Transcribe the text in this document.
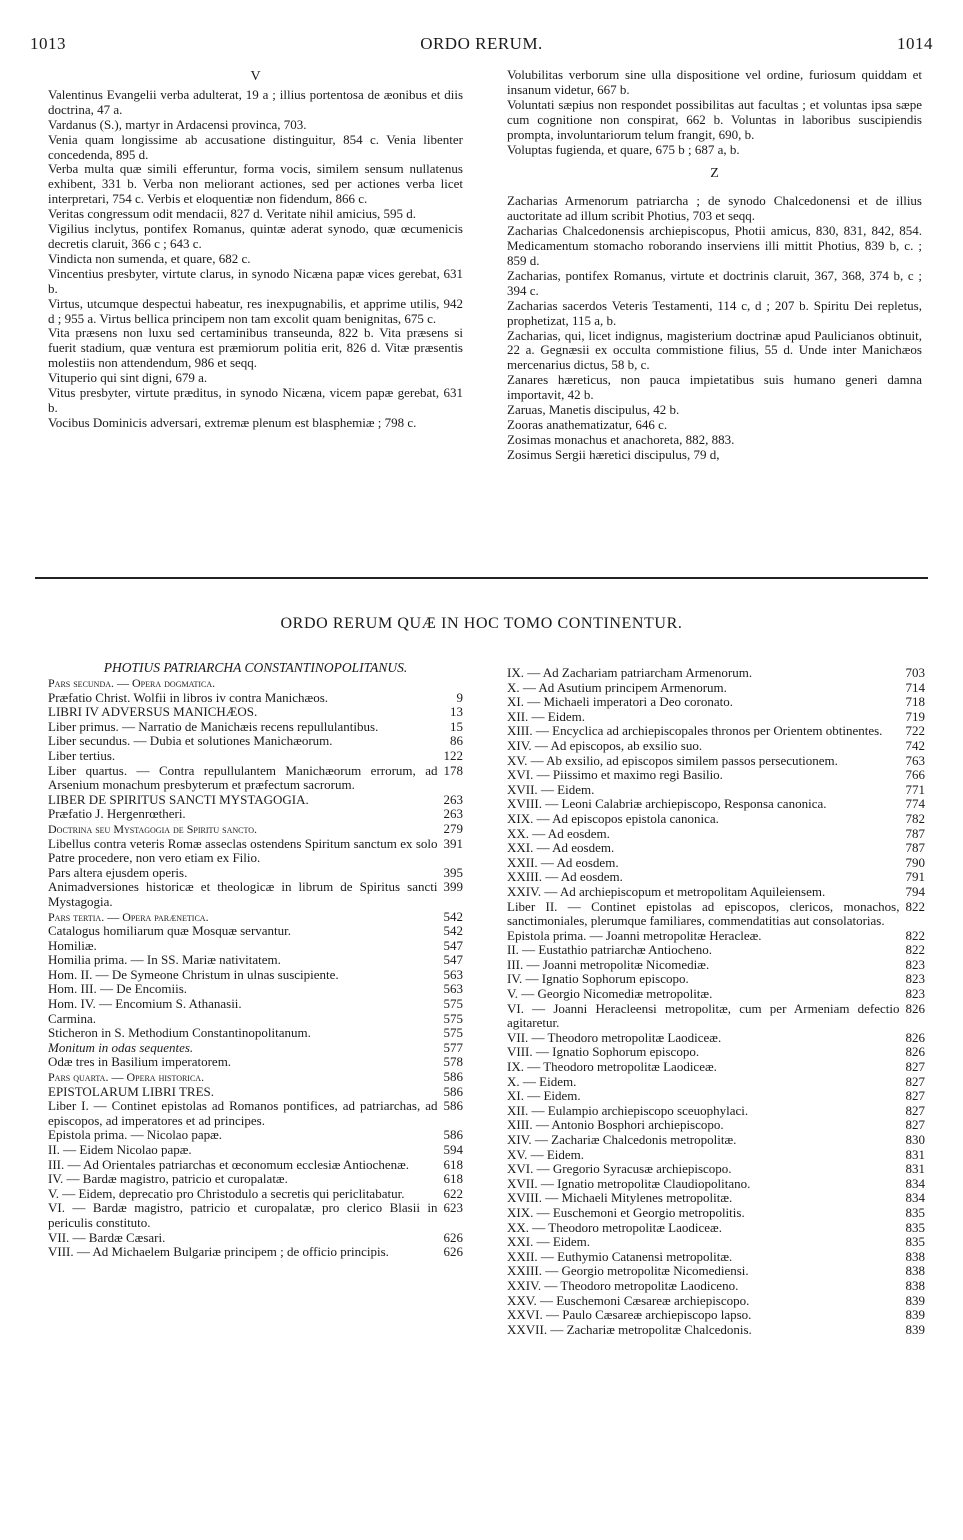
1013	ORDO RERUM.	1014
V
Valentinus Evangelii verba adulterat, 19 a ; illius portentosa de æonibus et diis doctrina, 47 a.
Vardanus (S.), martyr in Ardacensi provinca, 703.
Venia quam longissime ab accusatione distinguitur, 854 c. Venia libenter concedenda, 895 d.
Verba multa quæ simili efferuntur, forma vocis, similem sensum nullatenus exhibent, 331 b. Verba non meliorant actiones, sed per actiones verba licet interpretari, 754 c. Verbis et eloquentiæ non fidendum, 866 c.
Veritas congressum odit mendacii, 827 d. Veritate nihil amicius, 595 d.
Vigilius inclytus, pontifex Romanus, quintæ aderat synodo, quæ œcumenicis decretis claruit, 366 c ; 643 c.
Vindicta non sumenda, et quare, 682 c.
Vincentius presbyter, virtute clarus, in synodo Nicæna papæ vices gerebat, 631 b.
Virtus, utcumque despectui habeatur, res inexpugnabilis, et apprime utilis, 942 d ; 955 a. Virtus bellica principem non tam excolit quam benignitas, 675 c.
Vita præsens non luxu sed certaminibus transeunda, 822 b. Vita præsens si fuerit stadium, quæ ventura est præmiorum politia erit, 826 d. Vitæ præsentis molestiis non attendendum, 986 et seqq.
Vituperio qui sint digni, 679 a.
Vitus presbyter, virtute præditus, in synodo Nicæna, vicem papæ gerebat, 631 b.
Vocibus Dominicis adversari, extremæ plenum est blasphemiæ ; 798 c.
Volubilitas verborum sine ulla dispositione vel ordine, furiosum quiddam et insanum videtur, 667 b.
Voluntati sæpius non respondet possibilitas aut facultas ; et voluntas ipsa sæpe cum cognitione non conspirat, 662 b. Voluntas in laboribus suscipiendis prompta, involuntariorum telum frangit, 690, b.
Voluptas fugienda, et quare, 675 b ; 687 a, b.
Z
Zacharias Armenorum patriarcha ; de synodo Chalcedonensi et de illius auctoritate ad illum scribit Photius, 703 et seqq.
Zacharias Chalcedonensis archiepiscopus, Photii amicus, 830, 831, 842, 854. Medicamentum stomacho roborando inserviens illi mittit Photius, 839 b, c. ; 859 d.
Zacharias, pontifex Romanus, virtute et doctrinis claruit, 367, 368, 374 b, c ; 394 c.
Zacharias sacerdos Veteris Testamenti, 114 c, d ; 207 b. Spiritu Dei repletus, prophetizat, 115 a, b.
Zacharias, qui, licet indignus, magisterium doctrinæ apud Paulicianos obtinuit, 22 a. Gegnæsii ex occulta commistione filius, 55 d. Unde inter Manichæos mercenarius dictus, 58 b, c.
Zanares hæreticus, non pauca impietatibus suis humano generi damna importavit, 42 b.
Zaruas, Manetis discipulus, 42 b.
Zooras anathematizatur, 646 c.
Zosimas monachus et anachoreta, 882, 883.
Zosimus Sergii hæretici discipulus, 79 d,
ORDO RERUM QUÆ IN HOC TOMO CONTINENTUR.
PHOTIUS PATRIARCHA CONSTANTINOPOLITANUS.
Pars secunda. — Opera dogmatica.
Præfatio Christ. Wolfii in libros iv contra Manichæos.	9
LIBRI IV ADVERSUS MANICHÆOS.	13
Liber primus. — Narratio de Manichæis recens repullulantibus.	15
Liber secundus. — Dubia et solutiones Manichæorum.	86
Liber tertius.	122
Liber quartus. — Contra repullulantem Manichæorum errorum, ad Arsenium monachum presbyterum et præfectum sacrorum.
178
LIBER DE SPIRITUS SANCTI MYSTAGOGIA.	263
Præfatio J. Hergenrœtheri.	263
Doctrina seu Mystagogia de Spiritu sancto.	279
Libellus contra veteris Romæ asseclas ostendens Spiritum sanctum ex solo Patre procedere, non vero etiam ex Filio.
391
Pars altera ejusdem operis.	395
Animadversiones historicæ et theologicæ in librum de Spiritus sancti Mystagogia.
399
Pars tertia. — Opera parænetica.	542
Catalogus homiliarum quæ Mosquæ servantur.	542
Homiliæ.	547
Homilia prima. — In SS. Mariæ nativitatem.	547
Hom. II. — De Symeone Christum in ulnas suscipiente.	563
Hom. III. — De Encomiis.	563
Hom. IV. — Encomium S. Athanasii.	575
Carmina.	575
Sticheron in S. Methodium Constantinopolitanum.	575
Monitum in odas sequentes.	577
Odæ tres in Basilium imperatorem.	578
Pars quarta. — Opera historica.	586
EPISTOLARUM LIBRI TRES.	586
Liber I. — Continet epistolas ad Romanos pontifices, ad patriarchas, ad episcopos, ad imperatores et ad principes.
586
Epistola prima. — Nicolao papæ.	586
II. — Eidem Nicolao papæ.	594
III. — Ad Orientales patriarchas et œconomum ecclesiæ Antiochenæ.	618
IV. — Bardæ magistro, patricio et curopalatæ.	618
V. — Eidem, deprecatio pro Christodulo a secretis qui periclitabatur.	622
VI. — Bardæ magistro, patricio et curopalatæ, pro clerico Blasii in periculis constituto.
623
VII. — Bardæ Cæsari.	626
VIII. — Ad Michaelem Bulgariæ principem ; de officio principis.	626
IX. — Ad Zachariam patriarcham Armenorum.	703
X. — Ad Asutium principem Armenorum.	714
XI. — Michaeli imperatori a Deo coronato.	718
XII. — Eidem.	719
XIII. — Encyclica ad archiepiscopales thronos per Orientem obtinentes.	722
XIV. — Ad episcopos, ab exsilio suo.	742
XV. — Ab exsilio, ad episcopos similem passos persecutionem.	763
XVI. — Piissimo et maximo regi Basilio.	766
XVII. — Eidem.	771
XVIII. — Leoni Calabriæ archiepiscopo, Responsa canonica.	774
XIX. — Ad episcopos epistola canonica.	782
XX. — Ad eosdem.	787
XXI. — Ad eosdem.	787
XXII. — Ad eosdem.	790
XXIII. — Ad eosdem.	791
XXIV. — Ad archiepiscopum et metropolitam Aquileiensem.	794
Liber II. — Continet epistolas ad episcopos, clericos, monachos, sanctimoniales, plerumque familiares, commendatitias aut consolatorias.
822
Epistola prima. — Joanni metropolitæ Heracleæ.	822
II. — Eustathio patriarchæ Antiocheno.	822
III. — Joanni metropolitæ Nicomediæ.	823
IV. — Ignatio Sophorum episcopo.	823
V. — Georgio Nicomediæ metropolitæ.	823
VI. — Joanni Heracleensi metropolitæ, cum per Armeniam defectio agitaretur.
826
VII. — Theodoro metropolitæ Laodiceæ.	826
VIII. — Ignatio Sophorum episcopo.	826
IX. — Theodoro metropolitæ Laodiceæ.	827
X. — Eidem.	827
XI. — Eidem.	827
XII. — Eulampio archiepiscopo sceuophylaci.	827
XIII. — Antonio Bosphori archiepiscopo.	827
XIV. — Zachariæ Chalcedonis metropolitæ.	830
XV. — Eidem.	831
XVI. — Gregorio Syracusæ archiepiscopo.	831
XVII. — Ignatio metropolitæ Claudiopolitano.	834
XVIII. — Michaeli Mitylenes metropolitæ.	834
XIX. — Euschemoni et Georgio metropolitis.	835
XX. — Theodoro metropolitæ Laodiceæ.	835
XXI. — Eidem.	835
XXII. — Euthymio Catanensi metropolitæ.	838
XXIII. — Georgio metropolitæ Nicomediensi.	838
XXIV. — Theodoro metropolitæ Laodiceno.	838
XXV. — Euschemoni Cæsareæ archiepiscopo.	839
XXVI. — Paulo Cæsareæ archiepiscopo lapso.	839
XXVII. — Zachariæ metropolitæ Chalcedonis.	839
